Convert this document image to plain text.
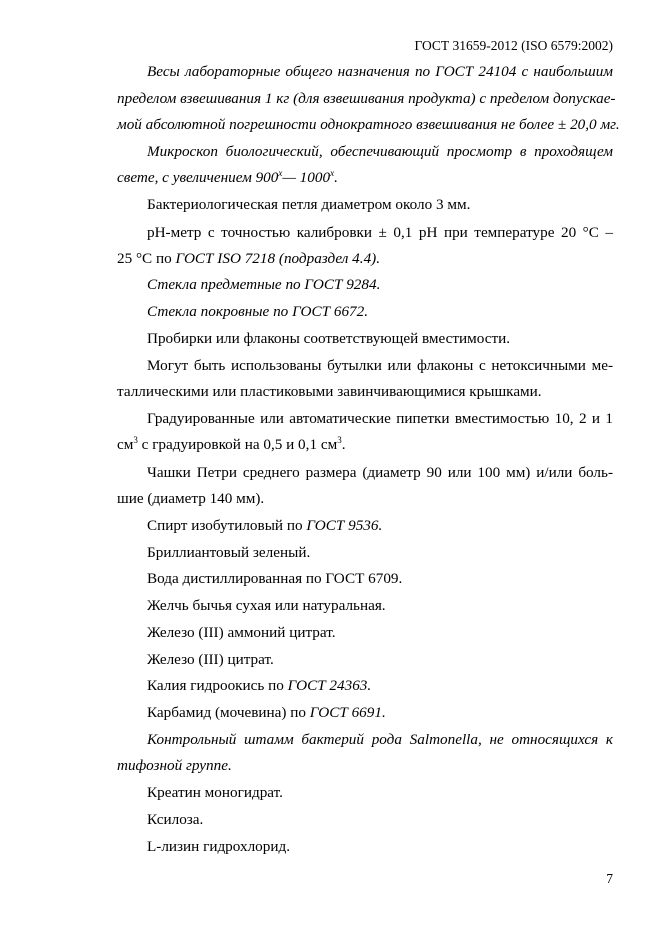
ГОСТ 31659-2012 (ISO 6579:2002)
Весы лабораторные общего назначения по ГОСТ 24104 с наибольшим
пределом взвешивания 1 кг (для взвешивания продукта) с пределом допускае-
мой абсолютной погрешности однократного взвешивания не более ± 20,0 мг.
Микроскоп биологический, обеспечивающий просмотр в проходящем
свете, с увеличением 900$^x$— 1000$^x$.
Бактериологическая петля диаметром около 3 мм.
рН-метр с точностью калибровки ± 0,1 рН при температуре 20 °С –
25 °С по ГОСТ ISO 7218 (подраздел 4.4).
Стекла предметные по ГОСТ 9284.
Стекла покровные по ГОСТ 6672.
Пробирки или флаконы соответствующей вместимости.
Могут быть использованы бутылки или флаконы с нетоксичными ме-
таллическими или пластиковыми завинчивающимися крышками.
Градуированные или автоматические пипетки вместимостью 10, 2 и 1
$см^3$ с градуировкой на 0,5 и 0,1 $см^3$.
Чашки Петри среднего размера (диаметр 90 или 100 мм) и/или боль-
шие (диаметр 140 мм).
Спирт изобутиловый по ГОСТ 9536.
Бриллиантовый зеленый.
Вода дистиллированная по ГОСТ 6709.
Желчь бычья сухая или натуральная.
Железо (III) аммоний цитрат.
Железо (III) цитрат.
Калия гидроокись по ГОСТ 24363.
Карбамид (мочевина) по ГОСТ 6691.
Контрольный штамм бактерий рода Salmonella, не относящихся к
тифозной группе.
Креатин моногидрат.
Ксилоза.
L-лизин гидрохлорид.
7
